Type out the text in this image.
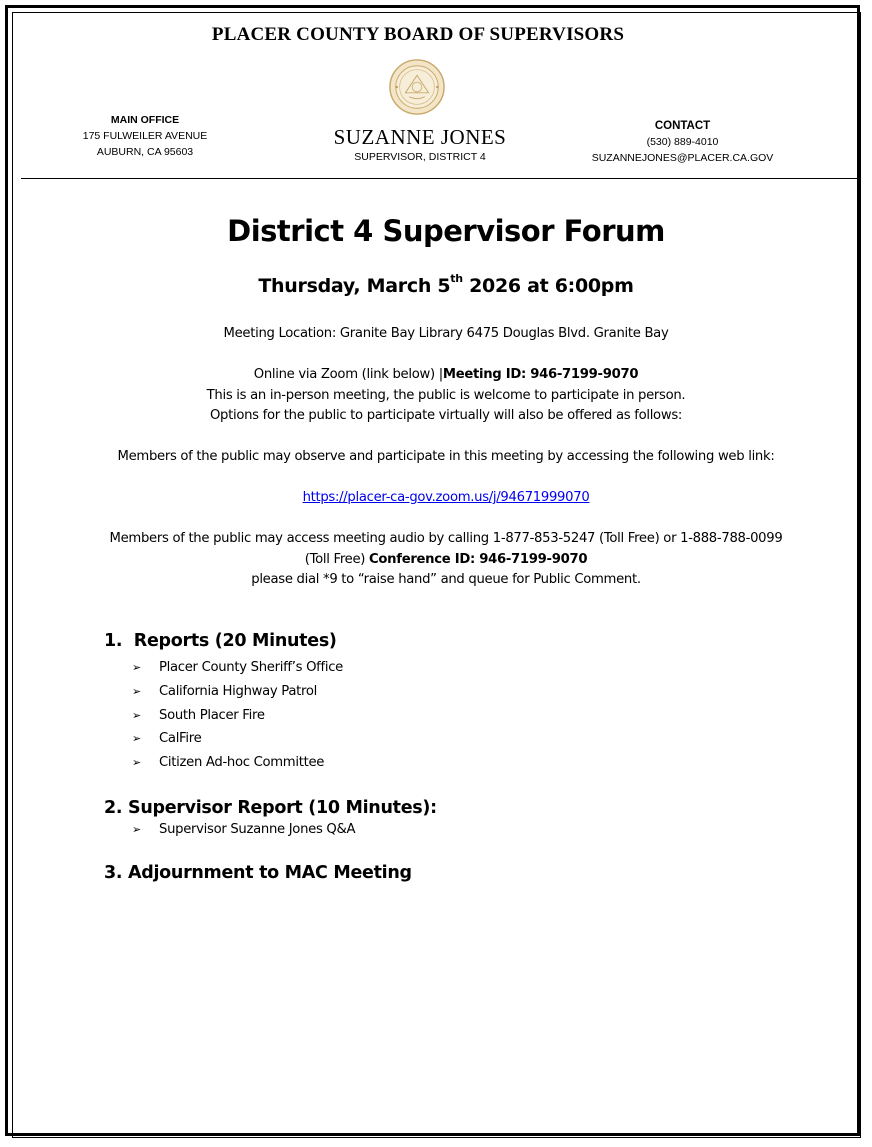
PLACER COUNTY BOARD OF SUPERVISORS
MAIN OFFICE
175 FULWEILER AVENUE
AUBURN, CA 95603
SUZANNE JONES
SUPERVISOR, DISTRICT 4
CONTACT
(530) 889-4010
SUZANNEJONES@PLACER.CA.GOV
District 4 Supervisor Forum
Thursday, March 5th 2026 at 6:00pm
Meeting Location: Granite Bay Library 6475 Douglas Blvd. Granite Bay
Online via Zoom (link below) |Meeting ID: 946-7199-9070
This is an in-person meeting, the public is welcome to participate in person.
Options for the public to participate virtually will also be offered as follows:
Members of the public may observe and participate in this meeting by accessing the following web link:
https://placer-ca-gov.zoom.us/j/94671999070
Members of the public may access meeting audio by calling 1-877-853-5247 (Toll Free) or 1-888-788-0099
(Toll Free) Conference ID: 946-7199-9070
please dial *9 to “raise hand” and queue for Public Comment.
1.  Reports (20 Minutes)
➢ Placer County Sheriff’s Office
➢ California Highway Patrol
➢ South Placer Fire
➢ CalFire
➢ Citizen Ad-hoc Committee
2. Supervisor Report (10 Minutes):
➢ Supervisor Suzanne Jones Q&A
3. Adjournment to MAC Meeting
